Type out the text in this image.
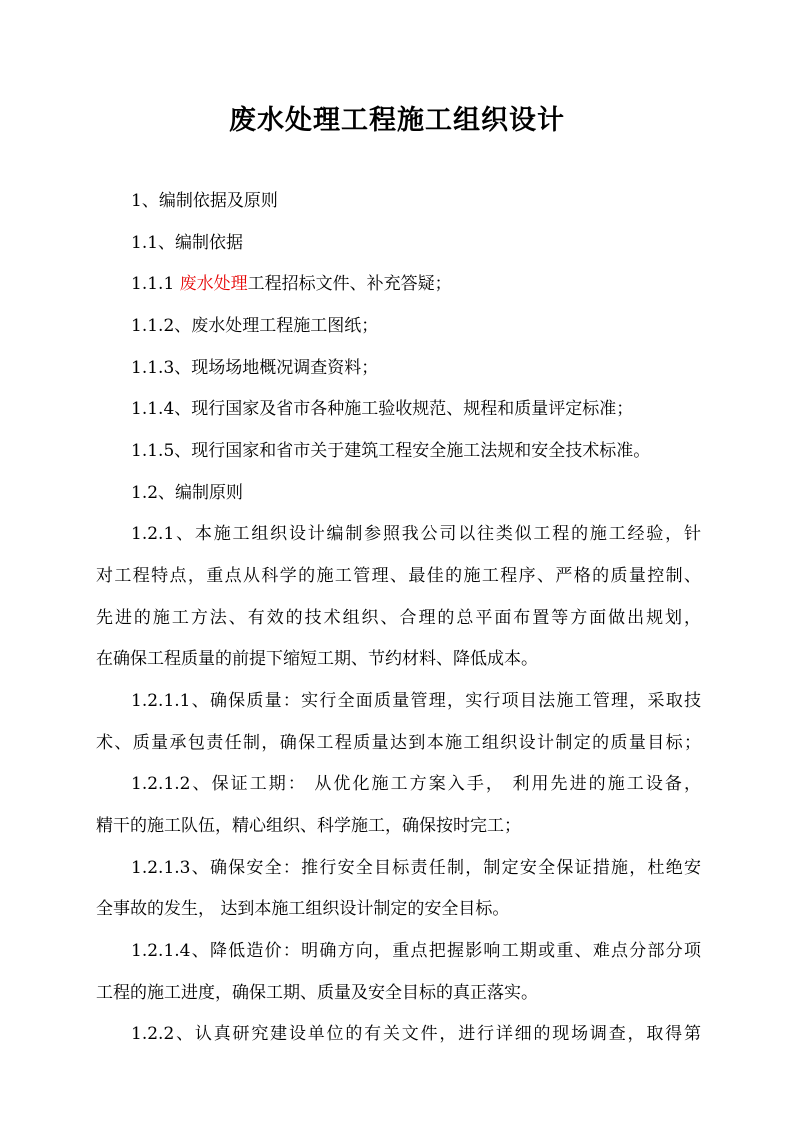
废水处理工程施工组织设计
1、编制依据及原则
1.1、编制依据
1.1.1 废水处理工程招标文件、补充答疑；
1.1.2、废水处理工程施工图纸；
1.1.3、现场场地概况调查资料；
1.1.4、现行国家及省市各种施工验收规范、规程和质量评定标准；
1.1.5、现行国家和省市关于建筑工程安全施工法规和安全技术标准。
1.2、编制原则
1.2.1、本施工组织设计编制参照我公司以往类似工程的施工经验，针
对工程特点，重点从科学的施工管理、最佳的施工程序、严格的质量控制、
先进的施工方法、有效的技术组织、合理的总平面布置等方面做出规划，
在确保工程质量的前提下缩短工期、节约材料、降低成本。
1.2.1.1、确保质量：实行全面质量管理，实行项目法施工管理，采取技
术、质量承包责任制，确保工程质量达到本施工组织设计制定的质量目标；
1.2.1.2、保证工期： 从优化施工方案入手， 利用先进的施工设备，
精干的施工队伍，精心组织、科学施工，确保按时完工；
1.2.1.3、确保安全：推行安全目标责任制，制定安全保证措施，杜绝安
全事故的发生， 达到本施工组织设计制定的安全目标。
1.2.1.4、降低造价：明确方向，重点把握影响工期或重、难点分部分项
工程的施工进度，确保工期、质量及安全目标的真正落实。
1.2.2、认真研究建设单位的有关文件，进行详细的现场调查，取得第
